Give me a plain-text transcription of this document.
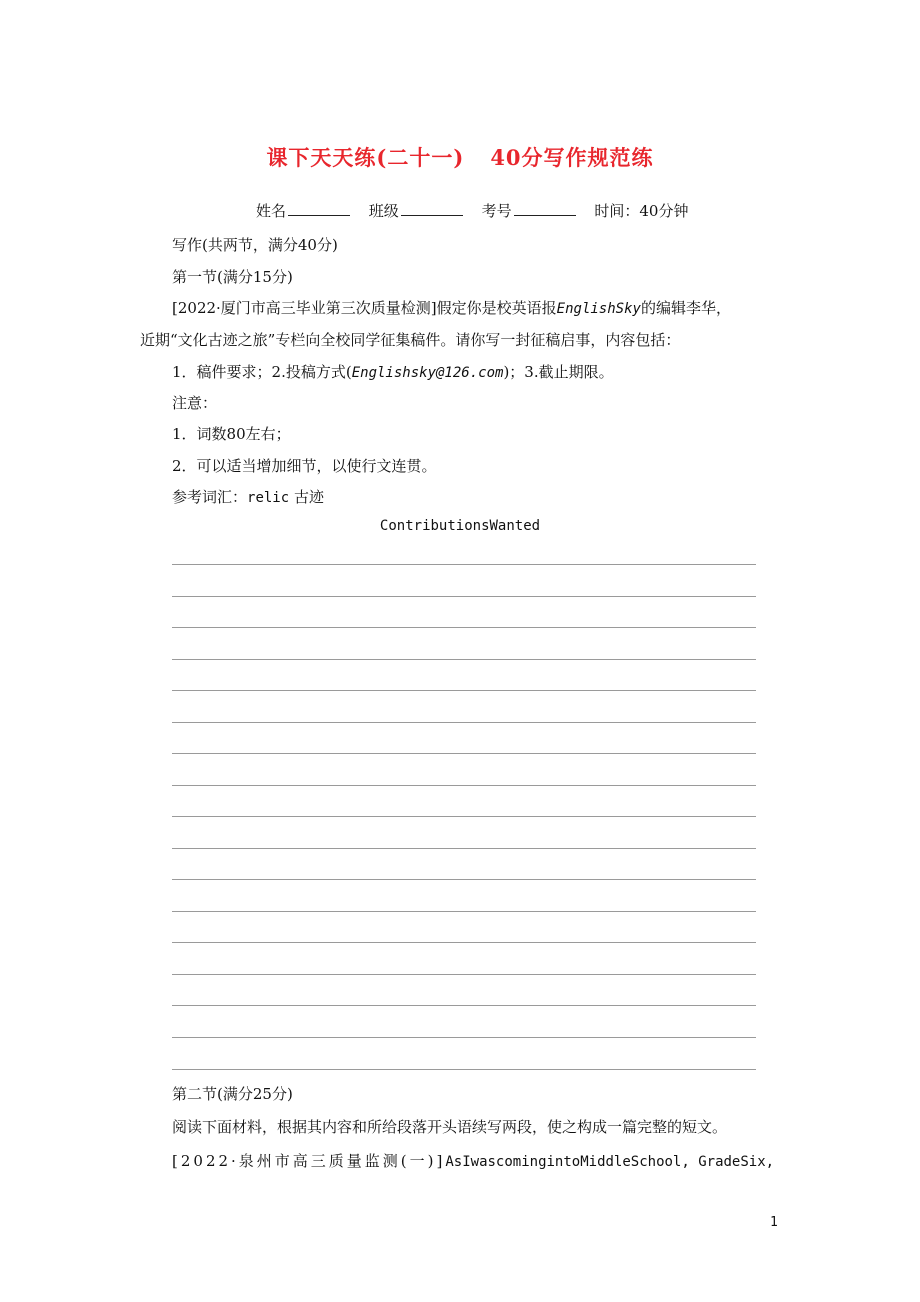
课下天天练(二十一) 40分写作规范练
姓名	班级	考号	时间：40分钟
写作(共两节，满分40分)
第一节(满分15分)
[2022·厦门市高三毕业第三次质量检测]假定你是校英语报EnglishSky的编辑李华，
近期“文化古迹之旅”专栏向全校同学征集稿件。请你写一封征稿启事，内容包括：
1．稿件要求；2.投稿方式(Englishsky@126.com)；3.截止期限。
注意：
1．词数80左右；
2．可以适当增加细节，以使行文连贯。
参考词汇：relic 古迹
ContributionsWanted
第二节(满分25分)
阅读下面材料，根据其内容和所给段落开头语续写两段，使之构成一篇完整的短文。
[2022·泉州市高三质量监测(一)]AsIwascomingintoMiddleSchool, GradeSix,
1
